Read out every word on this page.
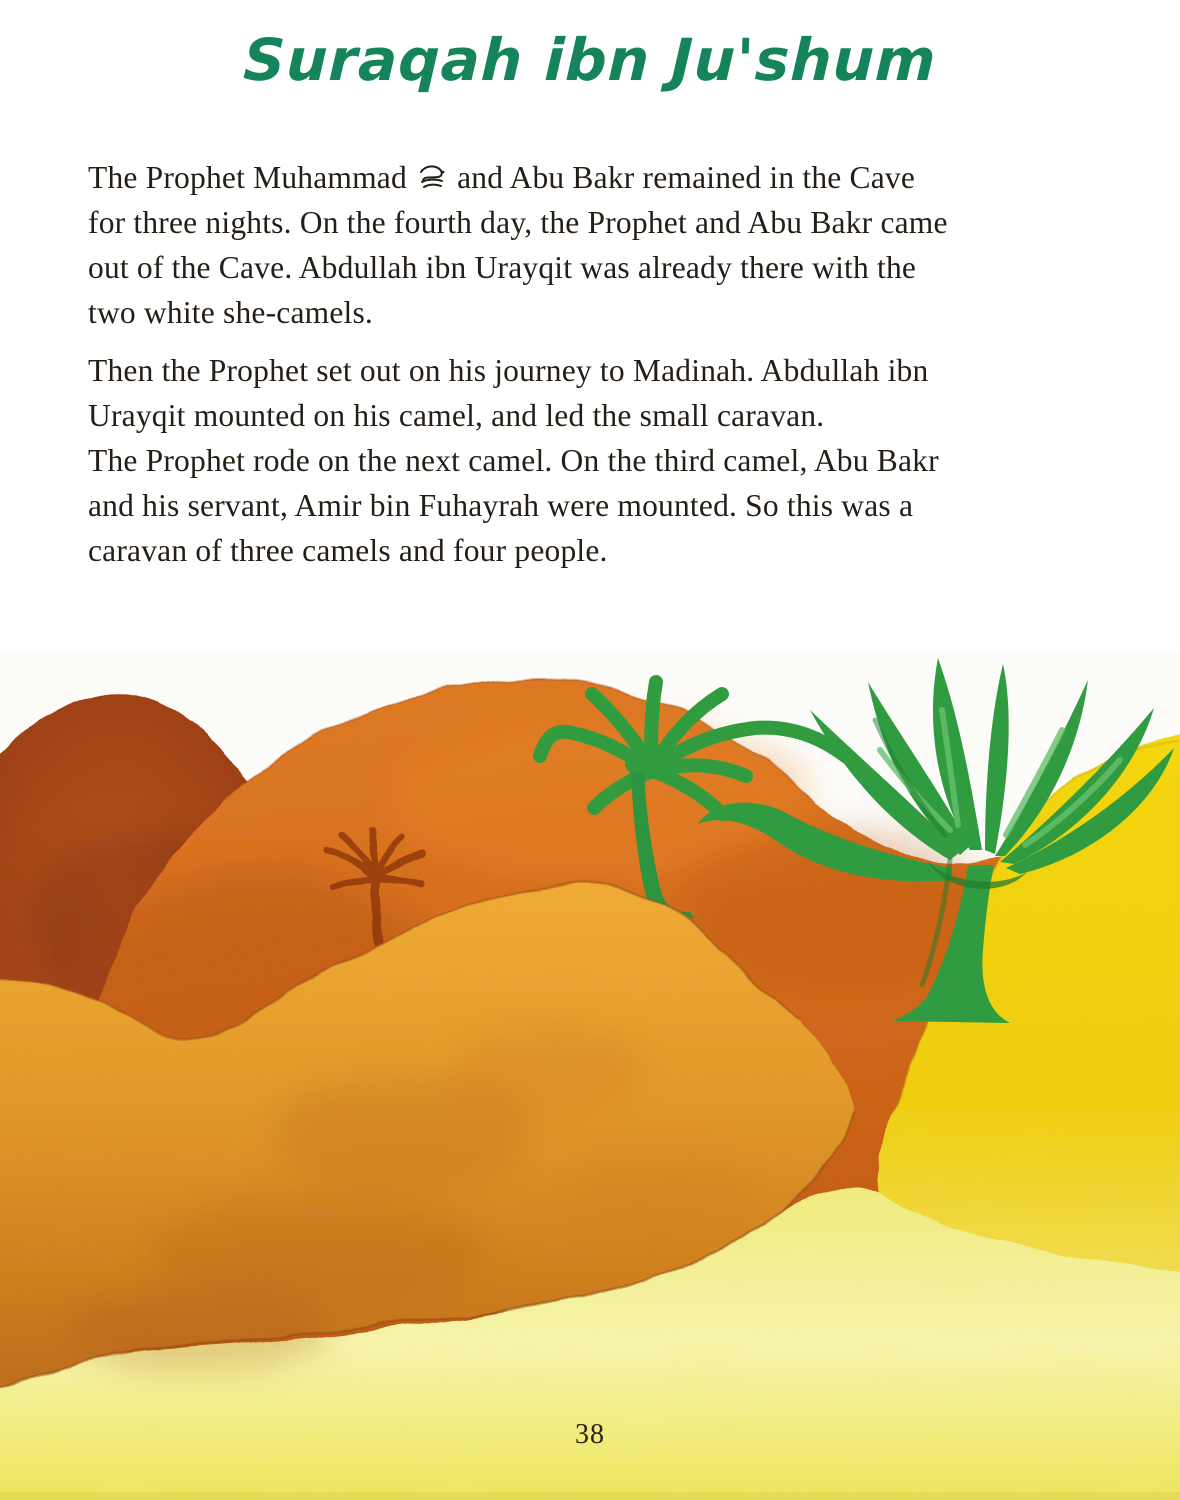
Suraqah ibn Ju'shum

The Prophet Muhammad  and Abu Bakr remained in the Cave
for three nights. On the fourth day, the Prophet and Abu Bakr came
out of the Cave. Abdullah ibn Urayqit was already there with the
two white she-camels.

Then the Prophet set out on his journey to Madinah. Abdullah ibn
Urayqit mounted on his camel, and led the small caravan.
The Prophet rode on the next camel. On the third camel, Abu Bakr
and his servant, Amir bin Fuhayrah were mounted. So this was a
caravan of three camels and four people.

38
